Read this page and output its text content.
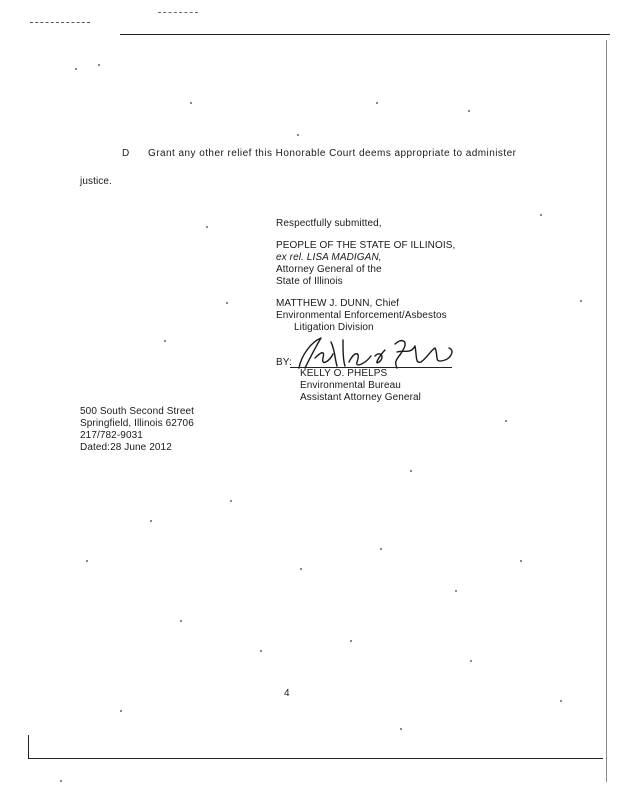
D Grant any other relief this Honorable Court deems appropriate to administer
justice.
Respectfully submitted,
PEOPLE OF THE STATE OF ILLINOIS,
ex rel. LISA MADIGAN,
Attorney General of the
State of Illinois
MATTHEW J. DUNN, Chief
Environmental Enforcement/Asbestos
Litigation Division
BY:
KELLY O. PHELPS
Environmental Bureau
Assistant Attorney General
500 South Second Street
Springfield, Illinois 62706
217/782-9031
Dated:28 June 2012
4
